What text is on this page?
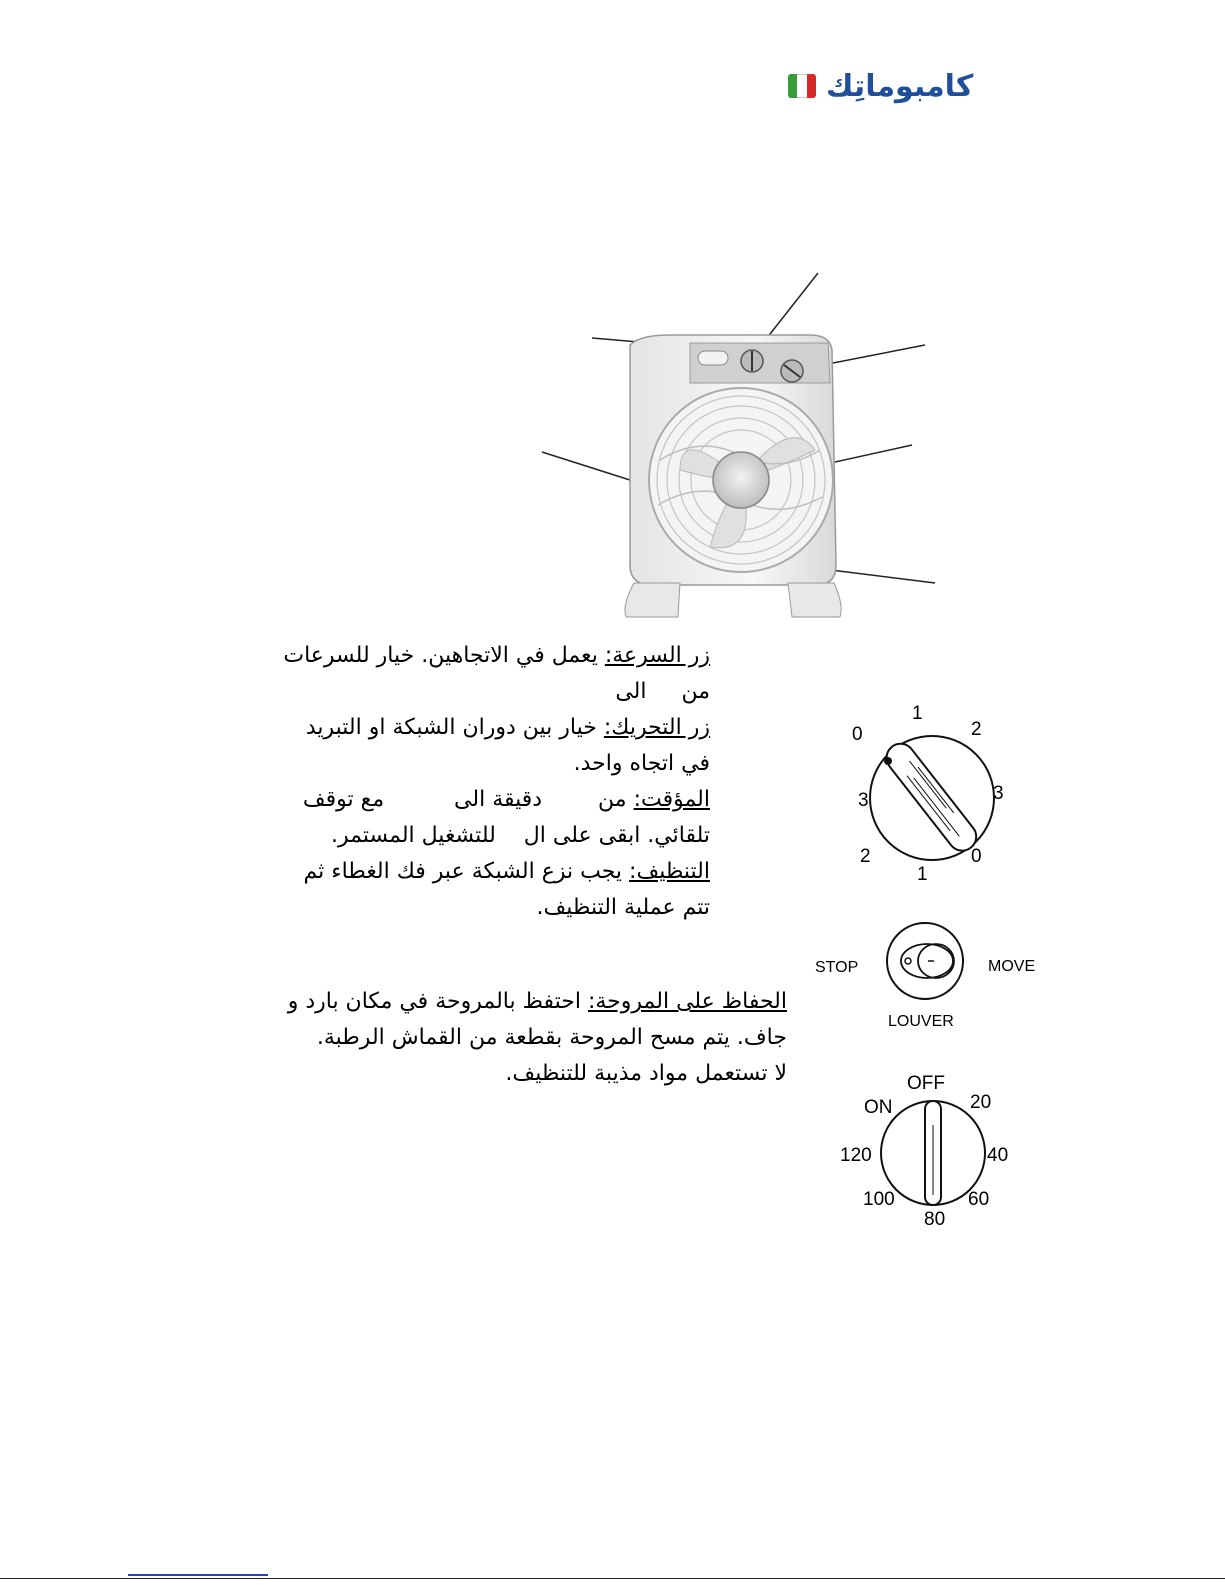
كامبوماتِك
زر السرعة: يعمل في الاتجاهين. خيار للسرعات
من     الى
زر التحريك: خيار بين دوران الشبكة او التبريد
في اتجاه واحد.
المؤقت: من        دقيقة الى          مع توقف
تلقائي. ابقى على ال    للتشغيل المستمر.
التنظيف: يجب نزع الشبكة عبر فك الغطاء ثم
تتم عملية التنظيف.
الحفاظ على المروحة: احتفظ بالمروحة في مكان بارد و
جاف. يتم مسح المروحة بقطعة من القماش الرطبة.
لا تستعمل مواد مذيبة للتنظيف.
1
2
3
0
1
2
3
0
STOP	MOVE
LOUVER
OFF
20
40
60
80
100
120
ON
